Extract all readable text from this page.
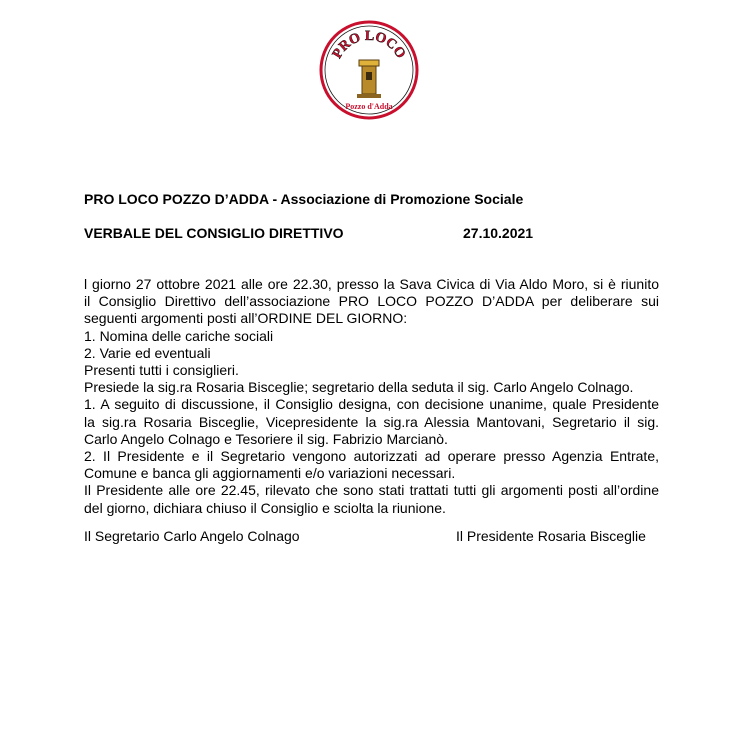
PRO LOCO
Pozzo d'Adda
PRO LOCO POZZO D’ADDA - Associazione di Promozione Sociale
VERBALE DEL CONSIGLIO DIRETTIVO	27.10.2021
l giorno 27 ottobre 2021 alle ore 22.30, presso la Sava Civica di Via Aldo Moro, si è riunito
il Consiglio Direttivo dell’associazione PRO LOCO POZZO D’ADDA per deliberare sui
seguenti argomenti posti all’ORDINE DEL GIORNO:
1. Nomina delle cariche sociali
2. Varie ed eventuali
Presenti tutti i consiglieri.
Presiede la sig.ra Rosaria Bisceglie; segretario della seduta il sig. Carlo Angelo Colnago.
1. A seguito di discussione, il Consiglio designa, con decisione unanime, quale Presidente
la sig.ra Rosaria Bisceglie, Vicepresidente la sig.ra Alessia Mantovani, Segretario il sig.
Carlo Angelo Colnago e Tesoriere il sig. Fabrizio Marcianò.
2. Il Presidente e il Segretario vengono autorizzati ad operare presso Agenzia Entrate,
Comune e banca gli aggiornamenti e/o variazioni necessari.
Il Presidente alle ore 22.45, rilevato che sono stati trattati tutti gli argomenti posti all’ordine
del giorno, dichiara chiuso il Consiglio e sciolta la riunione.
Il Segretario Carlo Angelo Colnago	Il Presidente Rosaria Bisceglie
